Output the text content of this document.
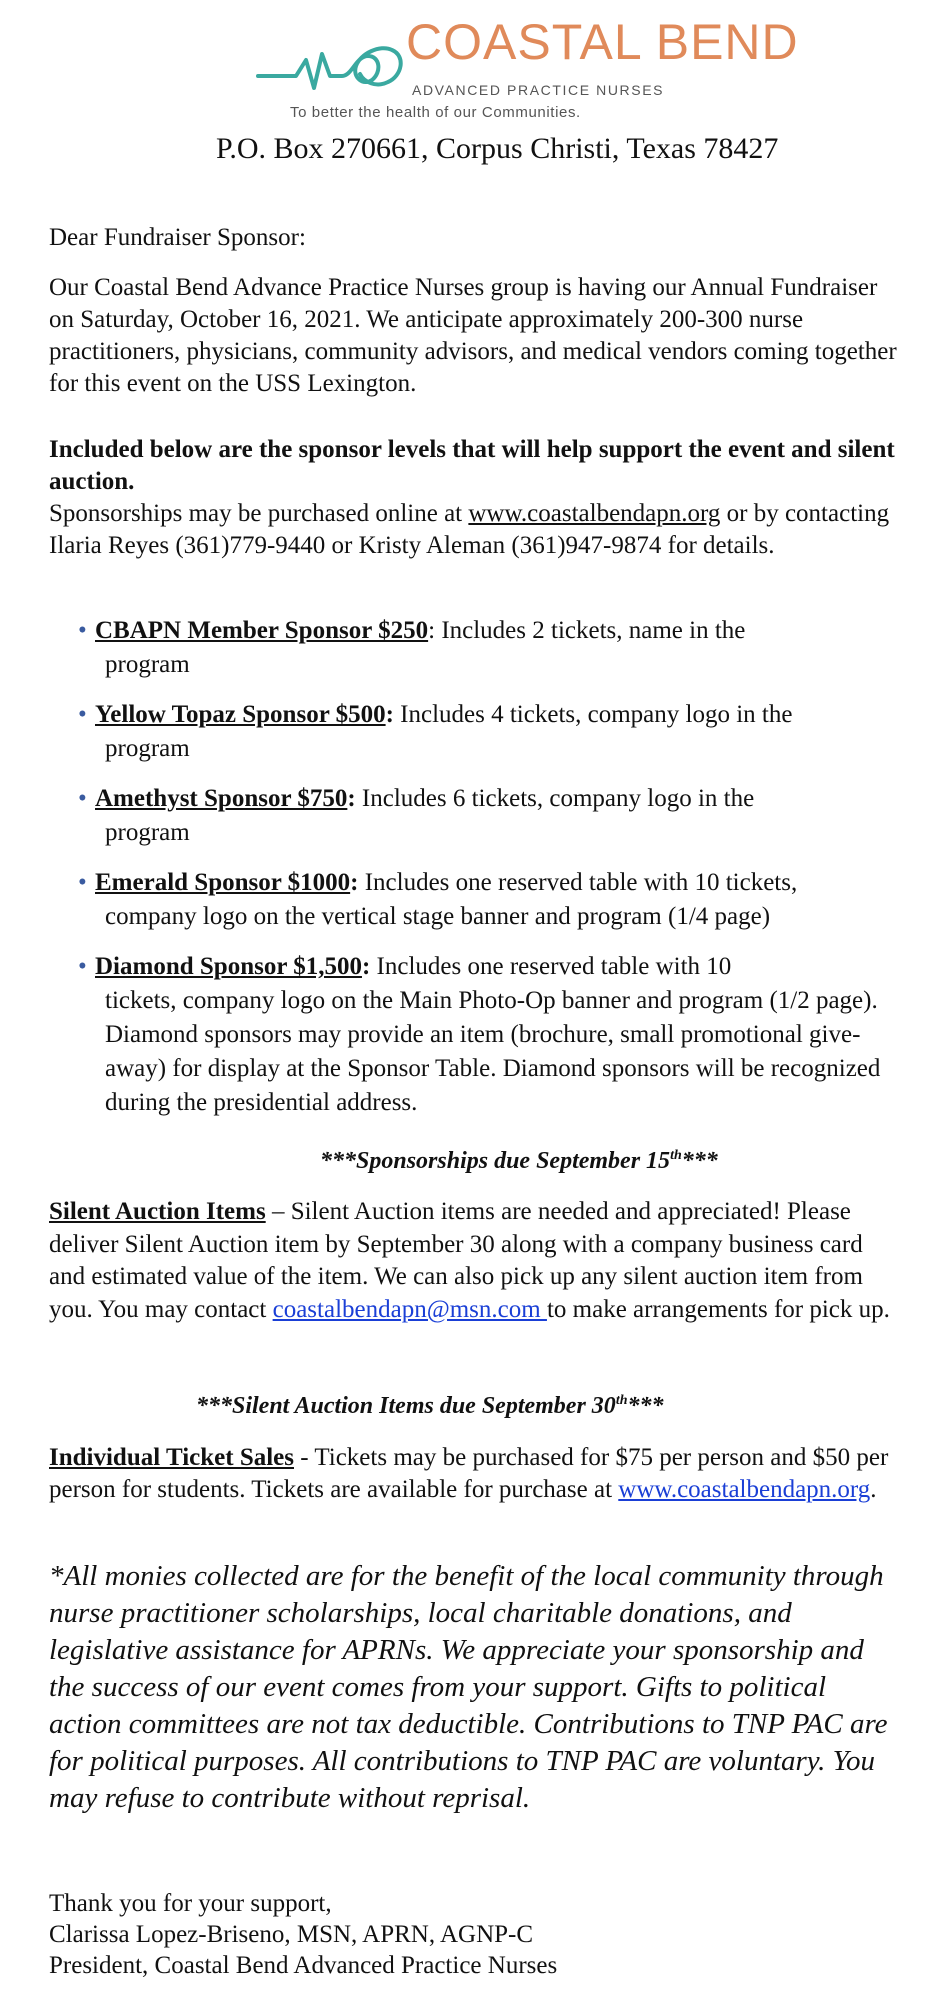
COASTAL BEND
ADVANCED PRACTICE NURSES
To better the health of our Communities.
P.O. Box 270661, Corpus Christi, Texas 78427
Dear Fundraiser Sponsor:
Our Coastal Bend Advance Practice Nurses group is having our Annual Fundraiser on Saturday, October 16, 2021. We anticipate approximately 200-300 nurse practitioners, physicians, community advisors, and medical vendors coming together for this event on the USS Lexington.
Included below are the sponsor levels that will help support the event and silent auction.
Sponsorships may be purchased online at www.coastalbendapn.org or by contacting Ilaria Reyes (361)779-9440 or Kristy Aleman (361)947-9874 for details.
• CBAPN Member Sponsor $250: Includes 2 tickets, name in the
program
• Yellow Topaz Sponsor $500: Includes 4 tickets, company logo in the
program
• Amethyst Sponsor $750: Includes 6 tickets, company logo in the
program
• Emerald Sponsor $1000: Includes one reserved table with 10 tickets,
company logo on the vertical stage banner and program (1/4 page)
• Diamond Sponsor $1,500: Includes one reserved table with 10
tickets, company logo on the Main Photo-Op banner and program (1/2 page). Diamond sponsors may provide an item (brochure, small promotional give-away) for display at the Sponsor Table. Diamond sponsors will be recognized during the presidential address.
***Sponsorships due September 15th***
Silent Auction Items – Silent Auction items are needed and appreciated! Please deliver Silent Auction item by September 30 along with a company business card and estimated value of the item. We can also pick up any silent auction item from you. You may contact coastalbendapn@msn.com to make arrangements for pick up.
***Silent Auction Items due September 30th***
Individual Ticket Sales - Tickets may be purchased for $75 per person and $50 per person for students. Tickets are available for purchase at www.coastalbendapn.org.
*All monies collected are for the benefit of the local community through nurse practitioner scholarships, local charitable donations, and legislative assistance for APRNs. We appreciate your sponsorship and the success of our event comes from your support. Gifts to political action committees are not tax deductible. Contributions to TNP PAC are for political purposes. All contributions to TNP PAC are voluntary. You may refuse to contribute without reprisal.
Thank you for your support,
Clarissa Lopez-Briseno, MSN, APRN, AGNP-C
President, Coastal Bend Advanced Practice Nurses
